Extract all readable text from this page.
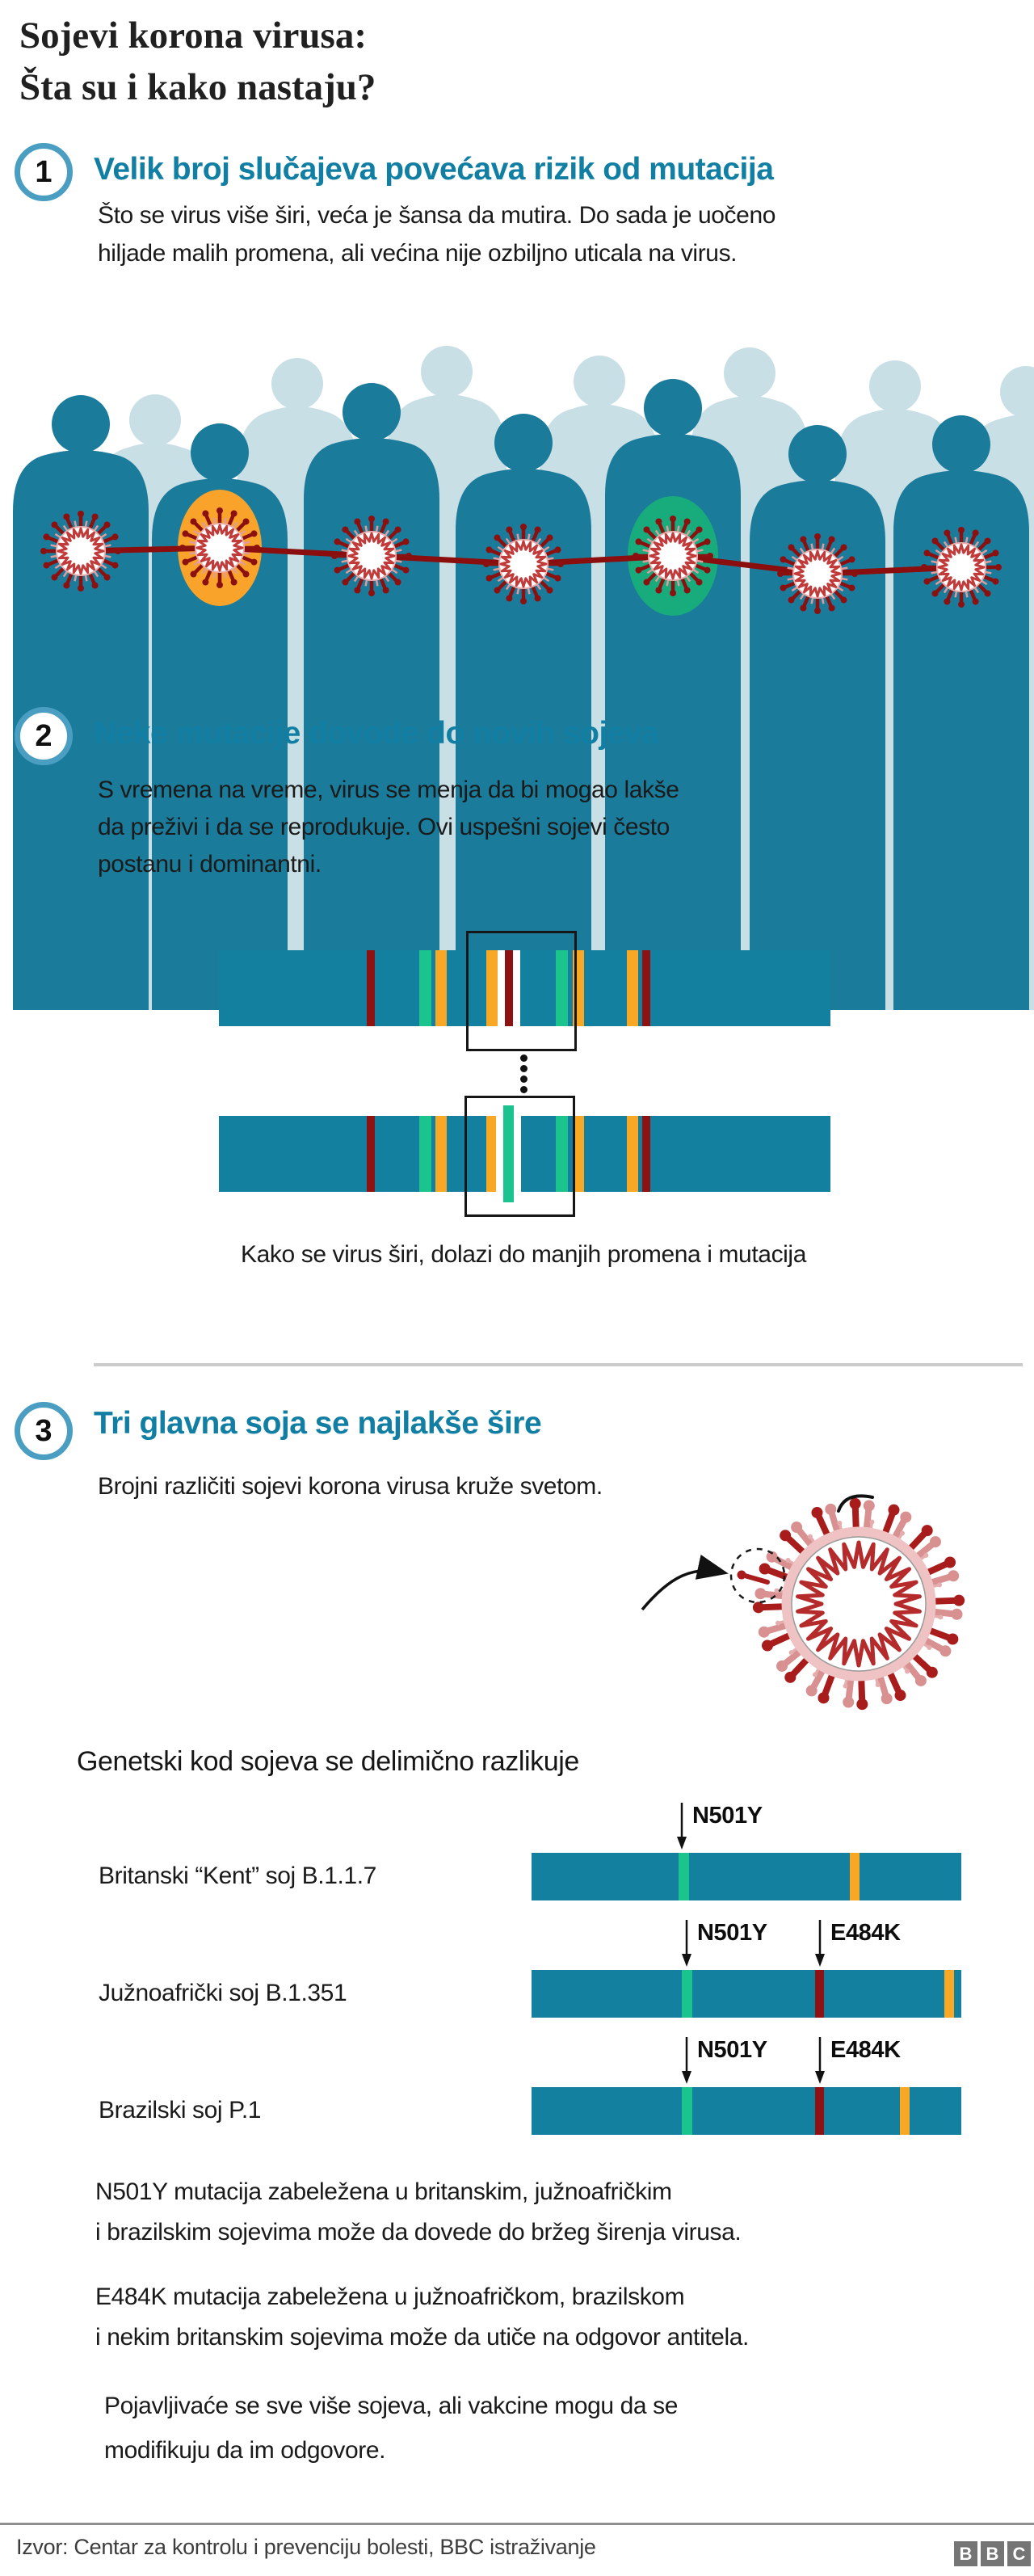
Sojevi korona virusa:
Šta su i kako nastaju?
1 Velik broj slučajeva povećava rizik od mutacija
Što se virus više širi, veća je šansa da mutira. Do sada je uočeno
hiljade malih promena, ali većina nije ozbiljno uticala na virus.
2 Neke mutacije dovode do novih sojeva
S vremena na vreme, virus se menja da bi mogao lakše
da preživi i da se reprodukuje. Ovi uspešni sojevi često
postanu i dominantni.
Kako se virus širi, dolazi do manjih promena i mutacija
3 Tri glavna soja se najlakše šire
Brojni različiti sojevi korona virusa kruže svetom.
Genetski kod sojeva se delimično razlikuje
N501Y
Britanski “Kent” soj B.1.1.7
N501Y	E484K
Južnoafrički soj B.1.351
N501Y	E484K
Brazilski soj P.1
N501Y mutacija zabeležena u britanskim, južnoafričkim
i brazilskim sojevima može da dovede do bržeg širenja virusa.
E484K mutacija zabeležena u južnoafričkom, brazilskom
i nekim britanskim sojevima može da utiče na odgovor antitela.
Pojavljivaće se sve više sojeva, ali vakcine mogu da se
modifikuju da im odgovore.
Izvor: Centar za kontrolu i prevenciju bolesti, BBC istraživanje	B B C
